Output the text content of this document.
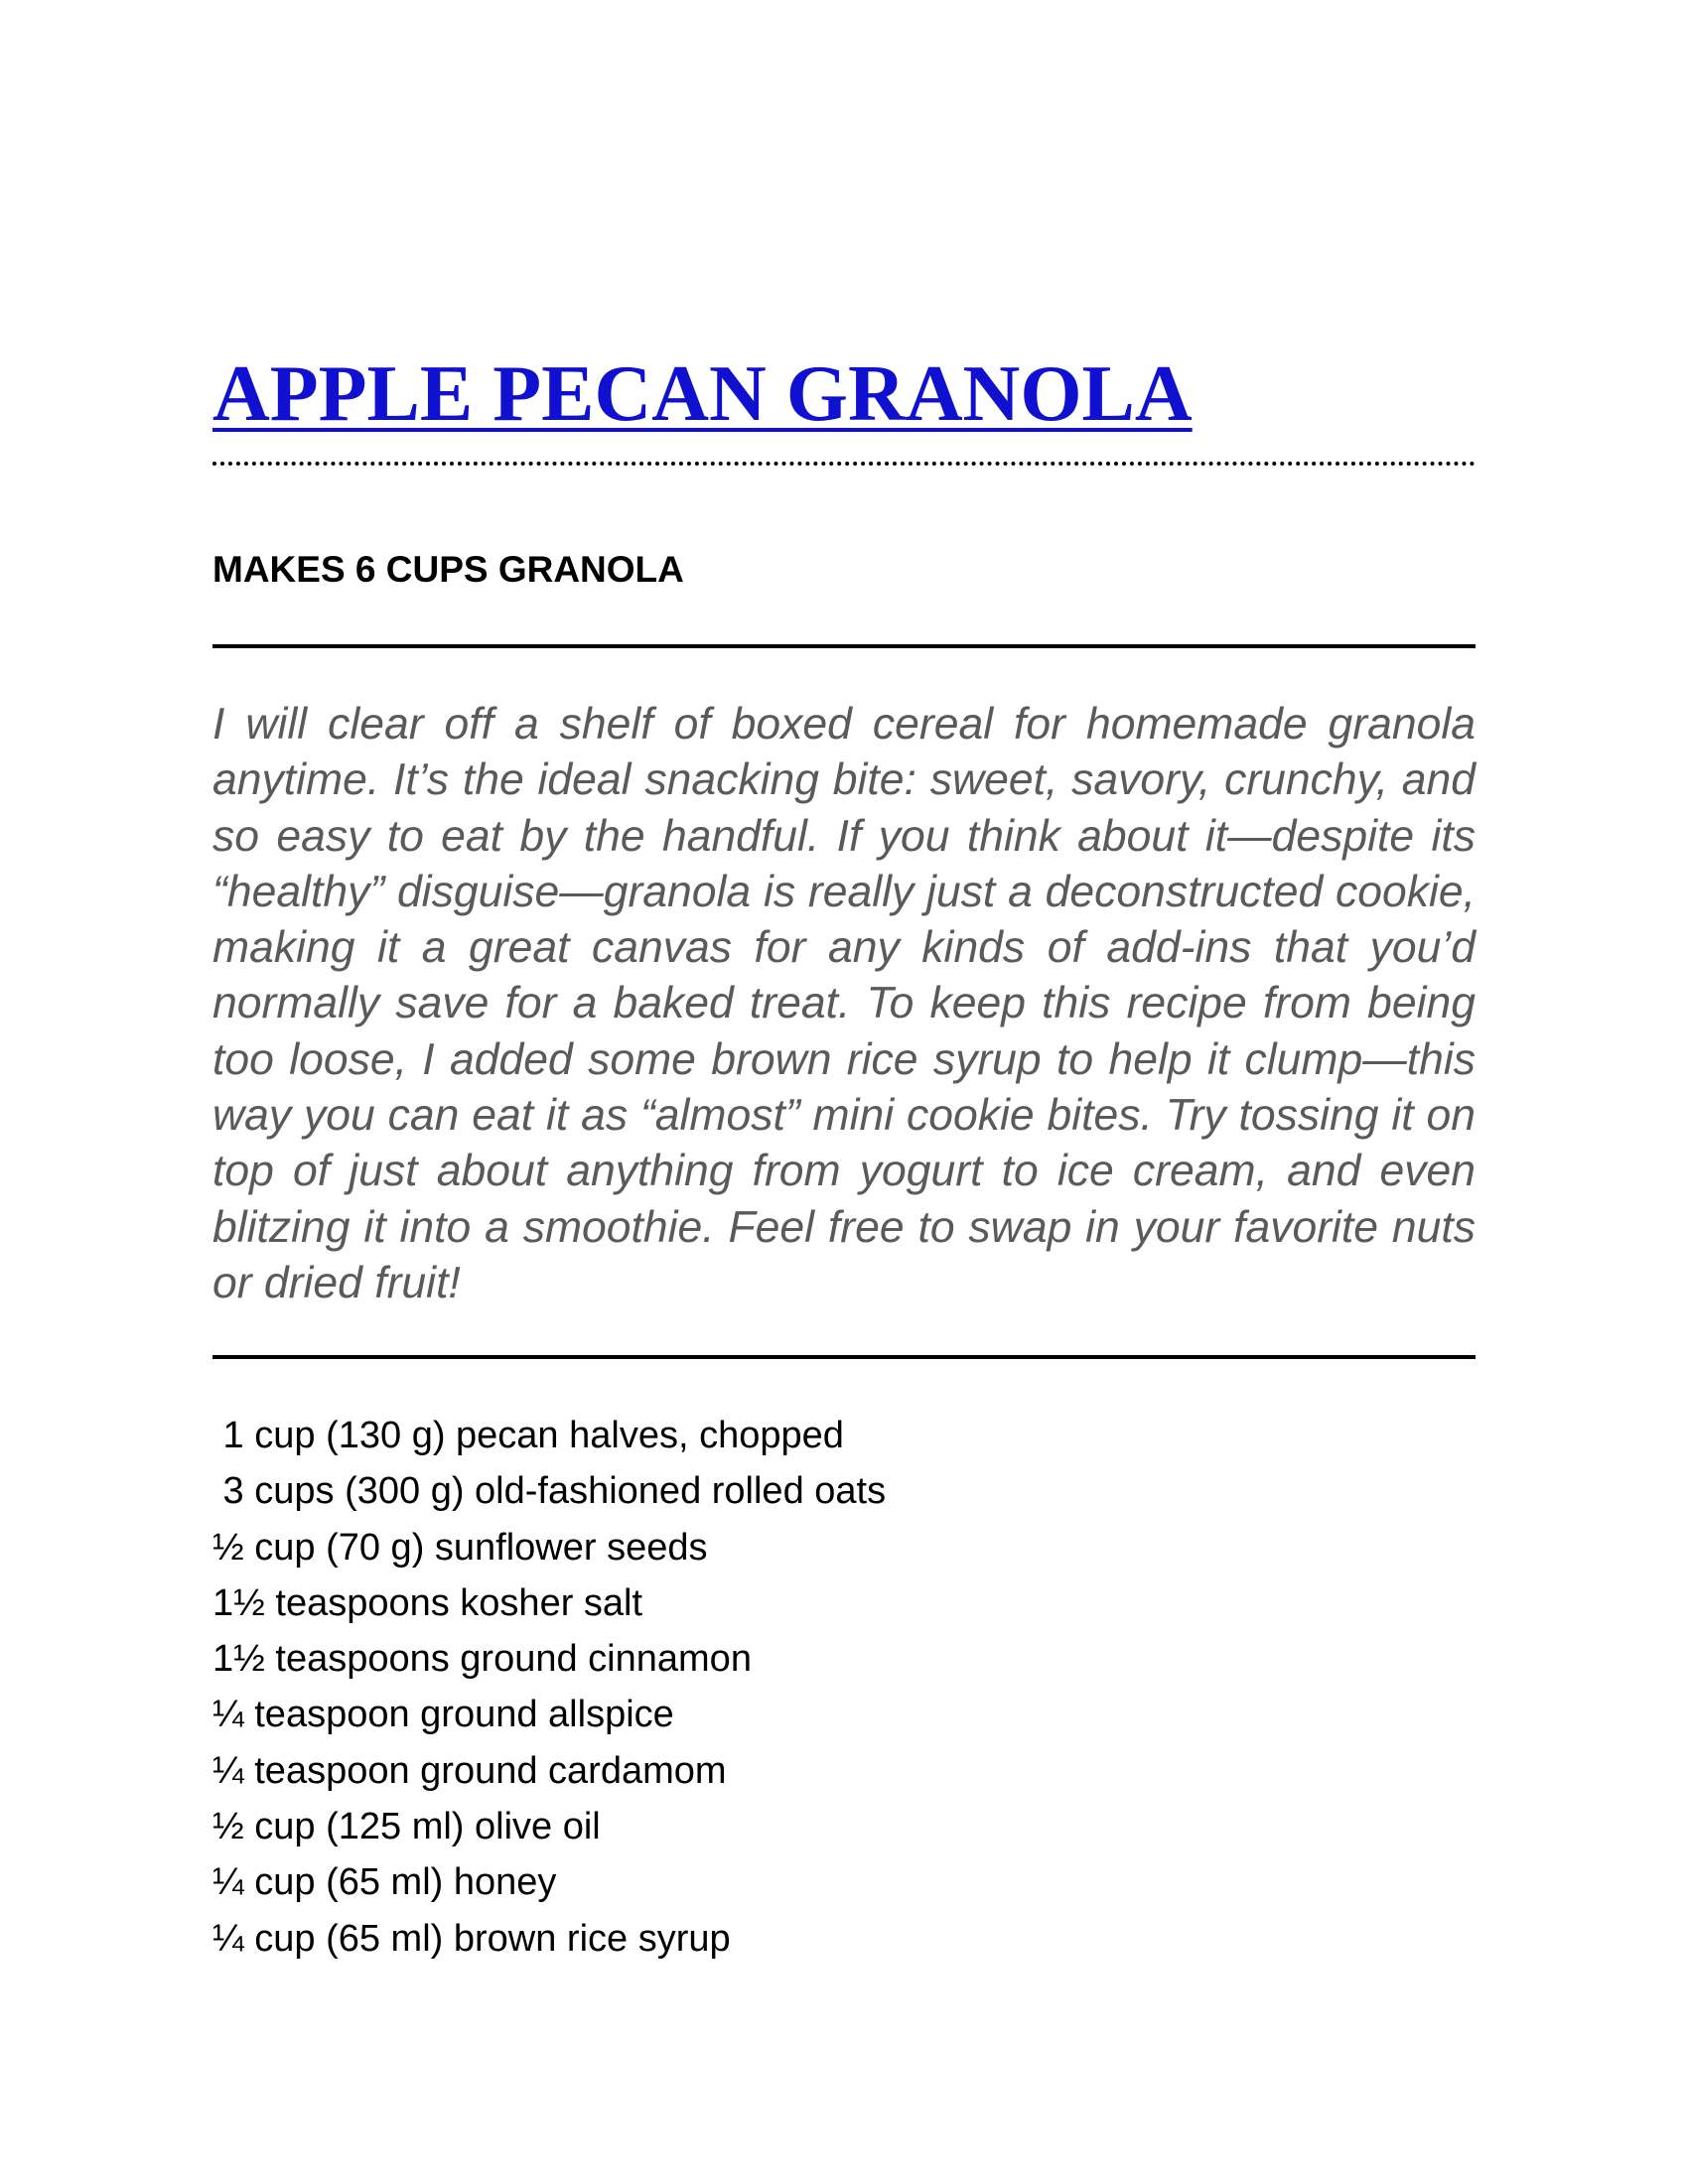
APPLE PECAN GRANOLA
MAKES 6 CUPS GRANOLA

I will clear off a shelf of boxed cereal for homemade granola anytime. It’s the ideal snacking bite: sweet, savory, crunchy, and so easy to eat by the handful. If you think about it—despite its “healthy” disguise—granola is really just a deconstructed cookie, making it a great canvas for any kinds of add-ins that you’d normally save for a baked treat. To keep this recipe from being too loose, I added some brown rice syrup to help it clump—this way you can eat it as “almost” mini cookie bites. Try tossing it on top of just about anything from yogurt to ice cream, and even blitzing it into a smoothie. Feel free to swap in your favorite nuts or dried fruit!

1 cup (130 g) pecan halves, chopped
3 cups (300 g) old-fashioned rolled oats
½ cup (70 g) sunflower seeds
1½ teaspoons kosher salt
1½ teaspoons ground cinnamon
¼ teaspoon ground allspice
¼ teaspoon ground cardamom
½ cup (125 ml) olive oil
¼ cup (65 ml) honey
¼ cup (65 ml) brown rice syrup
